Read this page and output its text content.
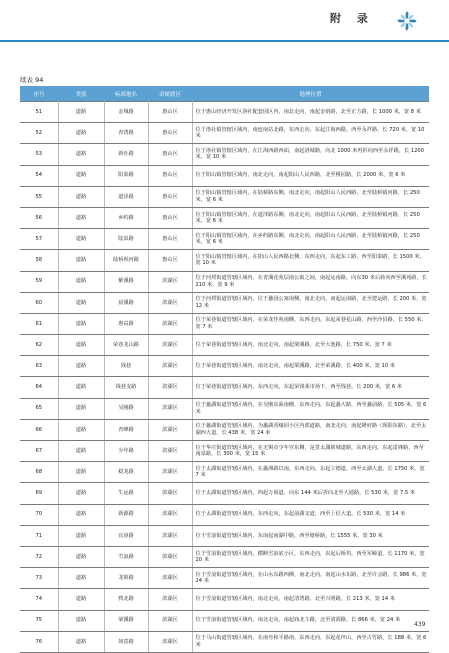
附 录
续表 94
序号	类别	标准地名	隶属辖区	地理位置
51	道路	金城路	惠山区	位于惠山经济开发区洛社配套园区内，南北走向，南起金钥路，北至正方路，长 1000 米，宽 8 米
52	道路	青湾路	惠山区	位于洛社镇管辖区域内，南连南站北路，东西走向，东起江海西路，西至永祥路，长 720 米，宽 10 米
53	道路	新社路	惠山区	位于洛社镇管辖区域内，在江海西路西面，南起洛城路，向北 1000 米再折向西至永祥路，长 1200 米，宽 10 米
54	道路	阳泰路	惠山区	位于阳山镇管辖区域内，南北走向，南起阳山人民西路，北至桃园路，长 2000 米，宽 6 米
55	道路	道泽路	惠山区	位于阳山镇管辖区域内，在陆桥路东侧，南北走向，南起阳山人民西路，北至陆桥镇河路，长 250 米，宽 6 米
56	道路	乡约路	惠山区	位于阳山镇管辖区域内，在道泽路东侧，南北走向，南起阳山人民西路，北至陆桥镇河路，长 250 米，宽 6 米
57	道路	陆泉路	惠山区	位于阳山镇管辖区域内，在乡约路东侧，南北走向，南起阳山人民西路，北至陆桥镇河路，长 250 米，宽 6 米
58	道路	陆桥坝河路	惠山区	位于阳山镇管辖区域内，在阳山人民西路北侧，东西走向，东起东工路，西至阳泰路，长 1500 米，宽 10 米
59	道路	紫溪路	滨湖区	位于河埒街道管辖区域内，在青溪花苑层南公寓之间，南起运南路，向东30 米后转向西至溪苑路，长 210 米，宽 9 米
60	道路	晨溪路	滨湖区	位于河埒街道管辖区域内，位于蠡园公寓南侧，南北走向，南起运南路，北至建运路，长 200 米，宽 12 米
61	道路	惠益路	滨湖区	位于荣巷街道管辖区域内，在荣龙佳苑南侧，东西走向，东起荣巷花山路，西至沙县路，长 550 米，宽 7 米
62	道路	荣巷龙山路	滨湖区	位于荣巷街道管辖区域内，南北走向，南起梁溪路，北至大池路，长 750 米，宽 7 米
63	道路	钱巷	滨湖区	位于荣巷街道管辖区域内，南北走向，南起梁溪路，北至荣溪路，长 400 米，宽 10 米
64	道路	钱巷支路	滨湖区	位于荣巷街道管辖区域内，东西走向，东起荣钱莱市场下，西至钱巷，长 200 米，宽 6 米
65	道路	吴刚路	滨湖区	位于蠡湖街道管辖区域内，在吴刚东面南侧，东西走向，东起蠡大路，西至蠡前路，长 505 米，宽 6 米
66	道路	青峰路	滨湖区	位于蠡湖街道管辖区域内，为蠡湖香缘园小区内部道路，南北走向，南起隆府路（现阳东路），北至太湖西大道，长 438 米，宽 24 米
67	道路	少年路	滨湖区	位于华庄街道管辖区域内，在无锡市少年宫东侧，是贯太湖新城道路，东西走向，东起雷锋路，西至南泉路，长 300 米，宽 15 米
68	道路	稳龙路	滨湖区	位于太湖街道管辖区域内，在蠡洲路以南，东西走向，东起立德道，西至太湖大道，长 1750 米，宽 7 米
69	道路	生运路	滨湖区	位于太湖街道管辖区域内，西起万顷道，向东 144 米后折向北至大通路，长 530 米，宽 7.5 米
70	道路	新源路	滨湖区	位于太湖街道管辖区域内，东西走向，东起前湖支道，西至上信大道，长 530 米，宽 14 米
71	道路	宜淳路	滨湖区	位于雪浪街道管辖区域内，东南起南湖中路，西至塘桥路，长 1555 米，宽 30 米
72	道路	雪浪路	滨湖区	位于雪浪街道管辖区域内，横断雪浪底小区，东西走向，东起后桥坞，西至军嶂道，长 1170 米，宽 20 米
73	道路	龙筱路	滨湖区	位于雪浪街道管辖区域内，在山水东路西侧，南北走向，南起山水东路，北至许会路，长 986 米，宽 24 米
74	道路	鸦北路	滨湖区	位于雪浪街道管辖区域内，南北走向，南起清湾路，北至兴明路，长 213 米，宽 14 米
75	道路	梁溪路	滨湖区	位于雪浪街道管辖区域内，南北走向，南起庙北主路，北至清源路，长 866 米，宽 24 米
76	道路	如意路	滨湖区	位于马山街道管辖区域内，在南舟和平路南，东西走向，东起花坪山，西至古竹路，长 188 米，宽 6 米
439
